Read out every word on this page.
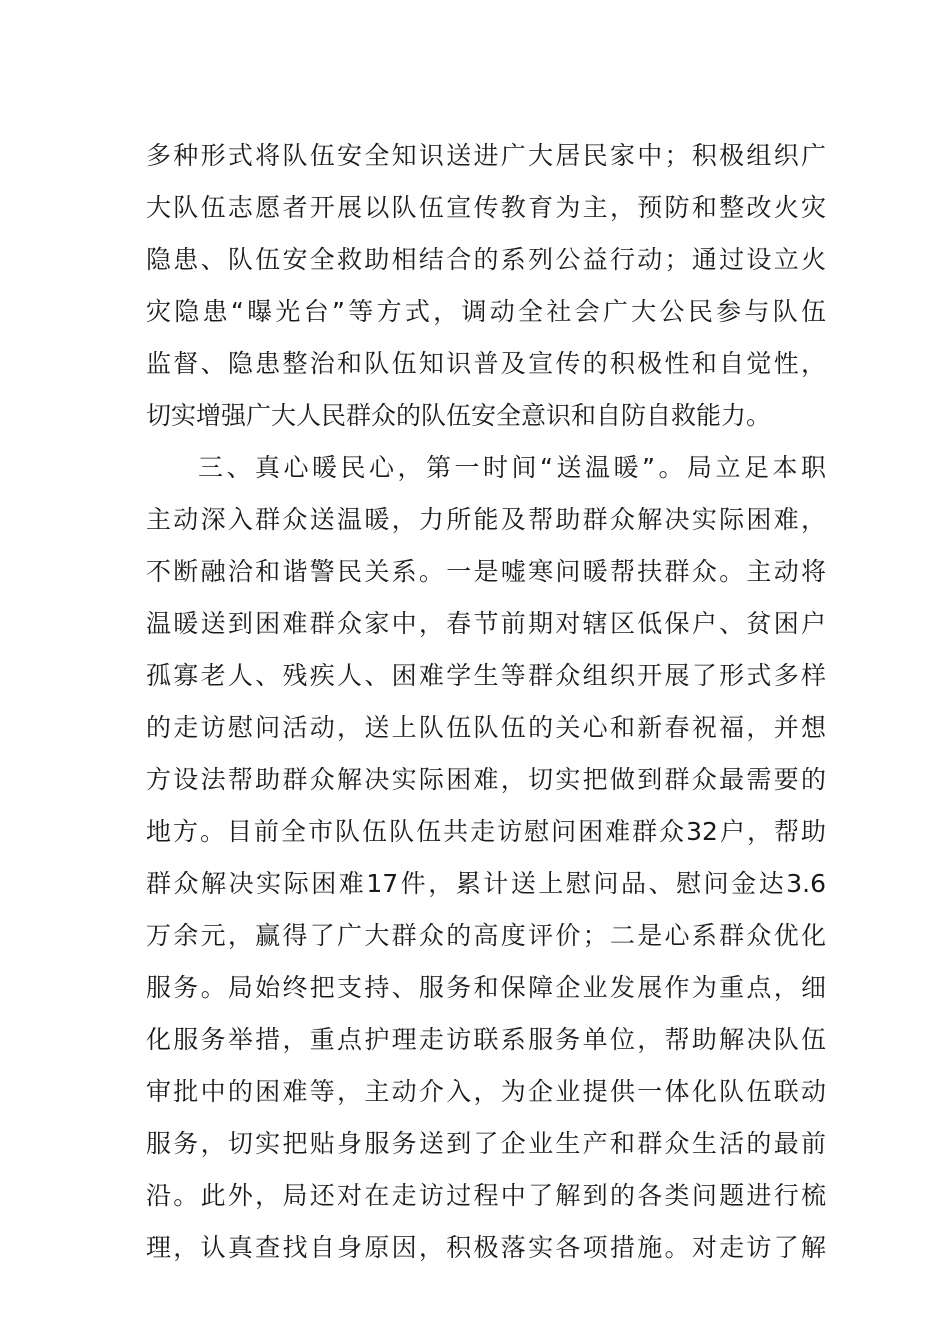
多种形式将队伍安全知识送进广大居民家中；积极组织广
大队伍志愿者开展以队伍宣传教育为主，预防和整改火灾
隐患、队伍安全救助相结合的系列公益行动；通过设立火
灾隐患“曝光台”等方式，调动全社会广大公民参与队伍
监督、隐患整治和队伍知识普及宣传的积极性和自觉性，
切实增强广大人民群众的队伍安全意识和自防自救能力。
三、真心暖民心，第一时间“送温暖”。局立足本职
主动深入群众送温暖，力所能及帮助群众解决实际困难，
不断融洽和谐警民关系。一是嘘寒问暖帮扶群众。主动将
温暖送到困难群众家中，春节前期对辖区低保户、贫困户
孤寡老人、残疾人、困难学生等群众组织开展了形式多样
的走访慰问活动，送上队伍队伍的关心和新春祝福，并想
方设法帮助群众解决实际困难，切实把做到群众最需要的
地方。目前全市队伍队伍共走访慰问困难群众32户，帮助
群众解决实际困难17件，累计送上慰问品、慰问金达3.6
万余元，赢得了广大群众的高度评价；二是心系群众优化
服务。局始终把支持、服务和保障企业发展作为重点，细
化服务举措，重点护理走访联系服务单位，帮助解决队伍
审批中的困难等，主动介入，为企业提供一体化队伍联动
服务，切实把贴身服务送到了企业生产和群众生活的最前
沿。此外，局还对在走访过程中了解到的各类问题进行梳
理，认真查找自身原因，积极落实各项措施。对走访了解
